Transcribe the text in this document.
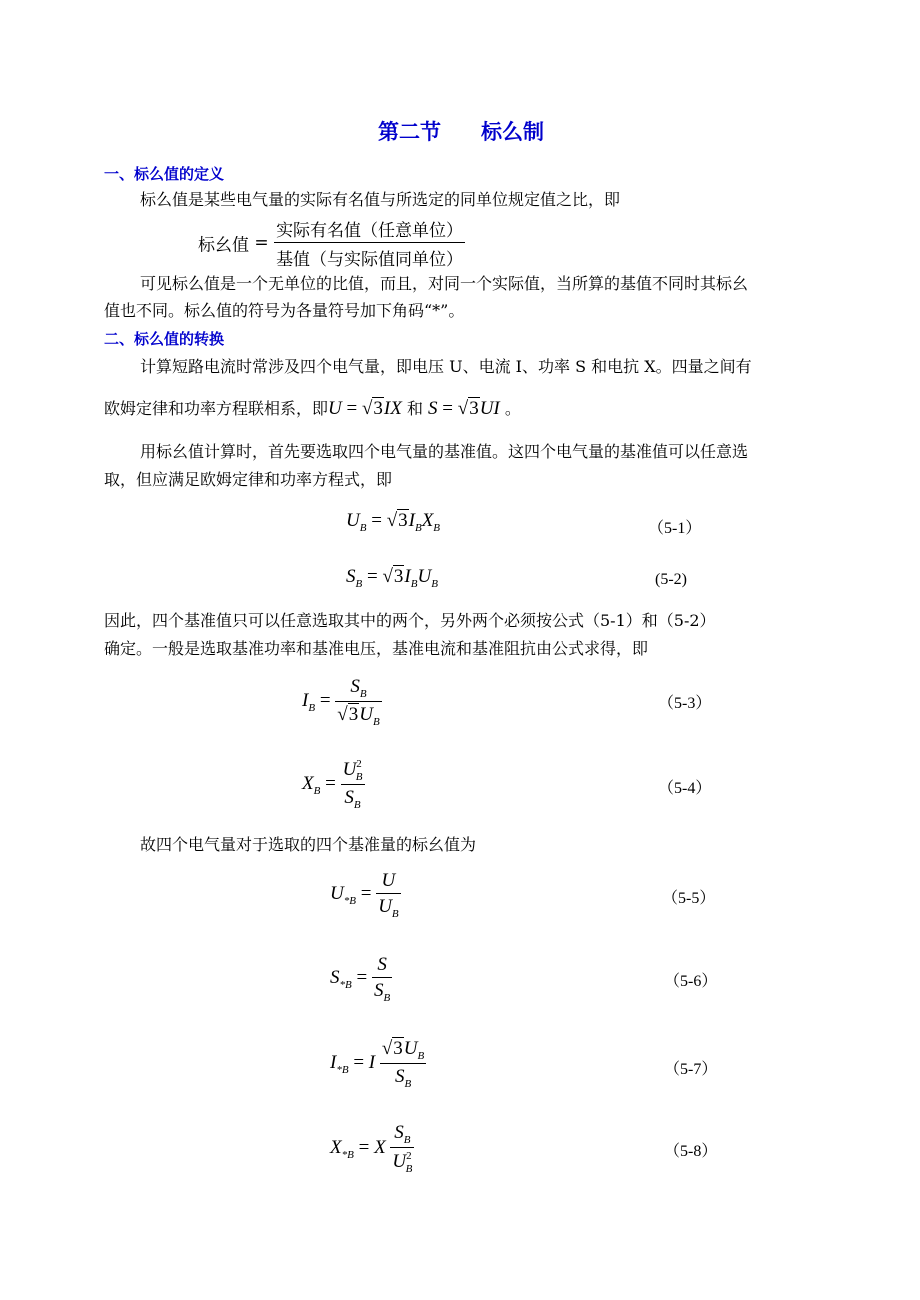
第二节 标么制
一、标么值的定义
标么值是某些电气量的实际有名值与所选定的同单位规定值之比，即
标幺值 = $\frac{\text{实际有名值（任意单位）}}{\text{基值（与实际值同单位）}}$
可见标么值是一个无单位的比值，而且，对同一个实际值，当所算的基值不同时其标幺
值也不同。标么值的符号为各量符号加下角码“*”。
二、标么值的转换
计算短路电流时常涉及四个电气量，即电压 U、电流 I、功率 S 和电抗 X。四量之间有
欧姆定律和功率方程联相系，即U = √3IX 和 S = √3UI 。
用标幺值计算时，首先要选取四个电气量的基准值。这四个电气量的基准值可以任意选
取，但应满足欧姆定律和功率方程式，即
$U_B = √3I_BX_B$	（5-1）
$S_B = √3I_BU_B$	(5-2)
因此，四个基准值只可以任意选取其中的两个，另外两个必须按公式（5-1）和（5-2）
确定。一般是选取基准功率和基准电压，基准电流和基准阻抗由公式求得，即
$I_B = \frac{S_B}{√3U_B}$	（5-3）
$X_B = \frac{U^2_B}{S_B}$	（5-4）
故四个电气量对于选取的四个基准量的标幺值为
$U_{*B} = \frac{U}{U_B}$	（5-5）
$S_{*B} = \frac{S}{S_B}$	（5-6）
$I_{*B} = I \frac{√3U_B}{S_B}$	（5-7）
$X_{*B} = X \frac{S_B}{U^2_B}$	（5-8）
